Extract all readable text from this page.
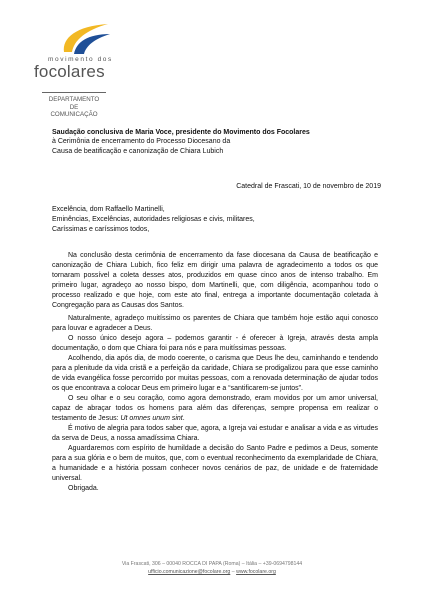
movimento dos
focolares
DEPARTAMENTO
DE
COMUNICAÇÃO
Saudação conclusiva de Maria Voce, presidente do Movimento dos Focolares
à Cerimônia de encerramento do Processo Diocesano da
Causa de beatificação e canonização de Chiara Lubich
Catedral de Frascati, 10 de novembro de 2019
Excelência, dom Raffaello Martinelli,
Eminências, Excelências, autoridades religiosas e civis, militares,
Caríssimas e caríssimos todos,

Na conclusão desta cerimônia de encerramento da fase diocesana da Causa de beatificação e canonização de Chiara Lubich, fico feliz em dirigir uma palavra de agradecimento a todos os que tornaram possível a coleta desses atos, produzidos em quase cinco anos de intenso trabalho. Em primeiro lugar, agradeço ao nosso bispo, dom Martinelli, que, com diligência, acompanhou todo o processo realizado e que hoje, com este ato final, entrega a importante documentação coletada à Congregação para as Causas dos Santos.

Naturalmente, agradeço muitíssimo os parentes de Chiara que também hoje estão aqui conosco para louvar e agradecer a Deus.

O nosso único desejo agora – podemos garantir - é oferecer à Igreja, através desta ampla documentação, o dom que Chiara foi para nós e para muitíssimas pessoas.

Acolhendo, dia após dia, de modo coerente, o carisma que Deus lhe deu, caminhando e tendendo para a plenitude da vida cristã e a perfeição da caridade, Chiara se prodigalizou para que esse caminho de vida evangélica fosse percorrido por muitas pessoas, com a renovada determinação de ajudar todos os que encontrava a colocar Deus em primeiro lugar e a “santificarem-se juntos”.

O seu olhar e o seu coração, como agora demonstrado, eram movidos por um amor universal, capaz de abraçar todos os homens para além das diferenças, sempre propensa em realizar o testamento de Jesus: Ut omnes unum sint.

É motivo de alegria para todos saber que, agora, a Igreja vai estudar e analisar a vida e as virtudes da serva de Deus, a nossa amadíssima Chiara.

Aguardaremos com espírito de humildade a decisão do Santo Padre e pedimos a Deus, somente para a sua glória e o bem de muitos, que, com o eventual reconhecimento da exemplaridade de Chiara, a humanidade e a história possam conhecer novos cenários de paz, de unidade e de fraternidade universal.

Obrigada.

Via Frascati, 306 – 00040 ROCCA DI PAPA (Roma) – Itália – +39-0694798144
ufficio.comunicazione@focolare.org – www.focolare.org
